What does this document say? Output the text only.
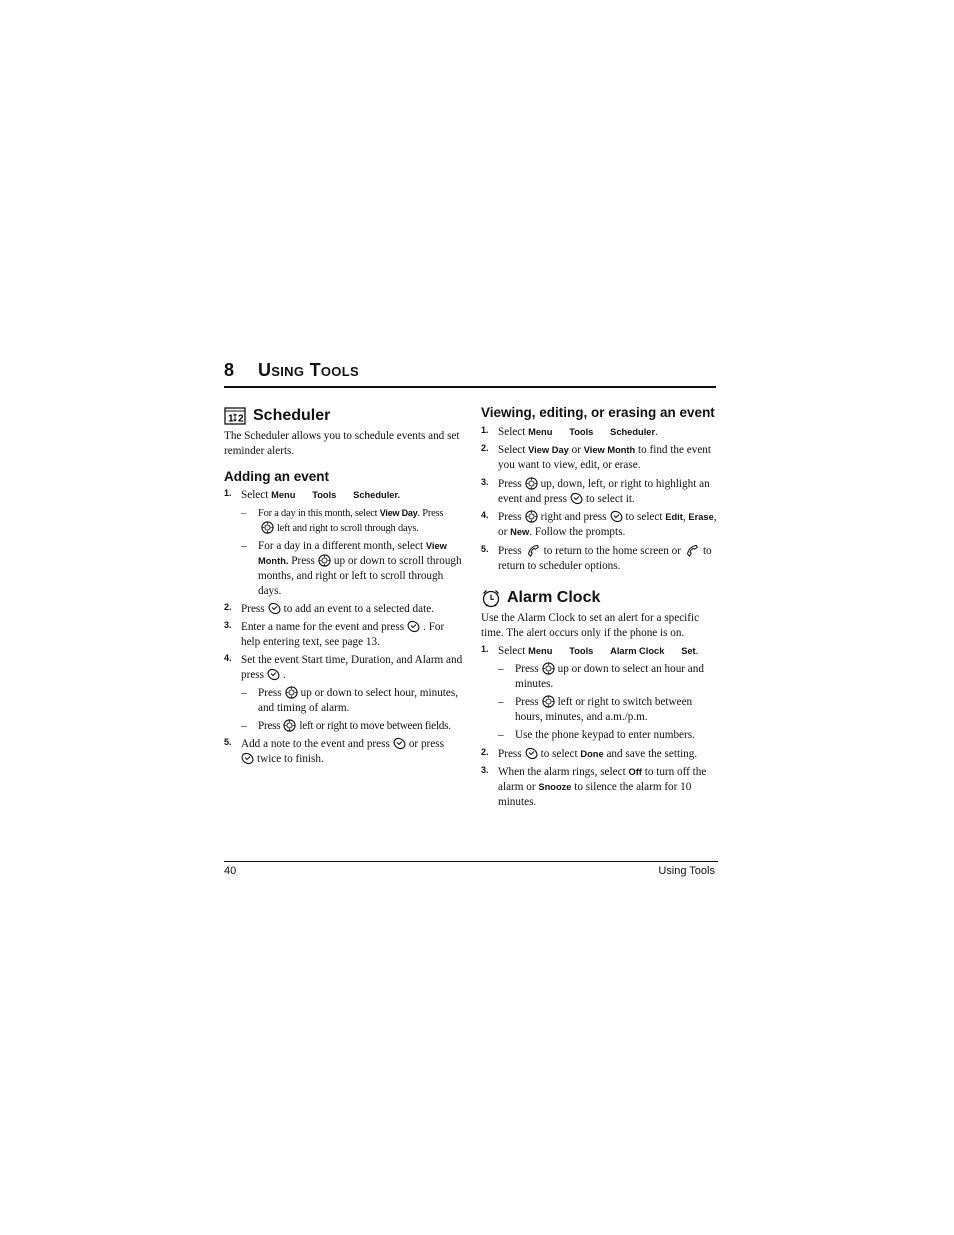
8 Using Tools
1 2 Scheduler

The Scheduler allows you to schedule events and set reminder alerts.

Adding an event
1. Select Menu Tools Scheduler.
– For a day in this month, select View Day. Press left and right to scroll through days.
– For a day in a different month, select View Month. Press up or down to scroll through months, and right or left to scroll through days.
2. Press to add an event to a selected date.
3. Enter a name for the event and press . For help entering text, see page 13.
4. Set the event Start time, Duration, and Alarm and press .
– Press up or down to select hour, minutes, and timing of alarm.
– Press left or right to move between fields.
5. Add a note to the event and press or press
twice to finish.
Viewing, editing, or erasing an event
1. Select Menu Tools Scheduler.
2. Select View Day or View Month to find the event you want to view, edit, or erase.
3. Press up, down, left, or right to highlight an event and press to select it.
4. Press right and press to select Edit, Erase, or New. Follow the prompts.
5. Press to return to the home screen or to return to scheduler options.
Alarm Clock

Use the Alarm Clock to set an alert for a specific time. The alert occurs only if the phone is on.

1. Select Menu Tools Alarm Clock Set.
– Press up or down to select an hour and minutes.
– Press left or right to switch between hours, minutes, and a.m./p.m.
– Use the phone keypad to enter numbers.
2. Press to select Done and save the setting.
3. When the alarm rings, select Off to turn off the alarm or Snooze to silence the alarm for 10 minutes.
40	Using Tools
